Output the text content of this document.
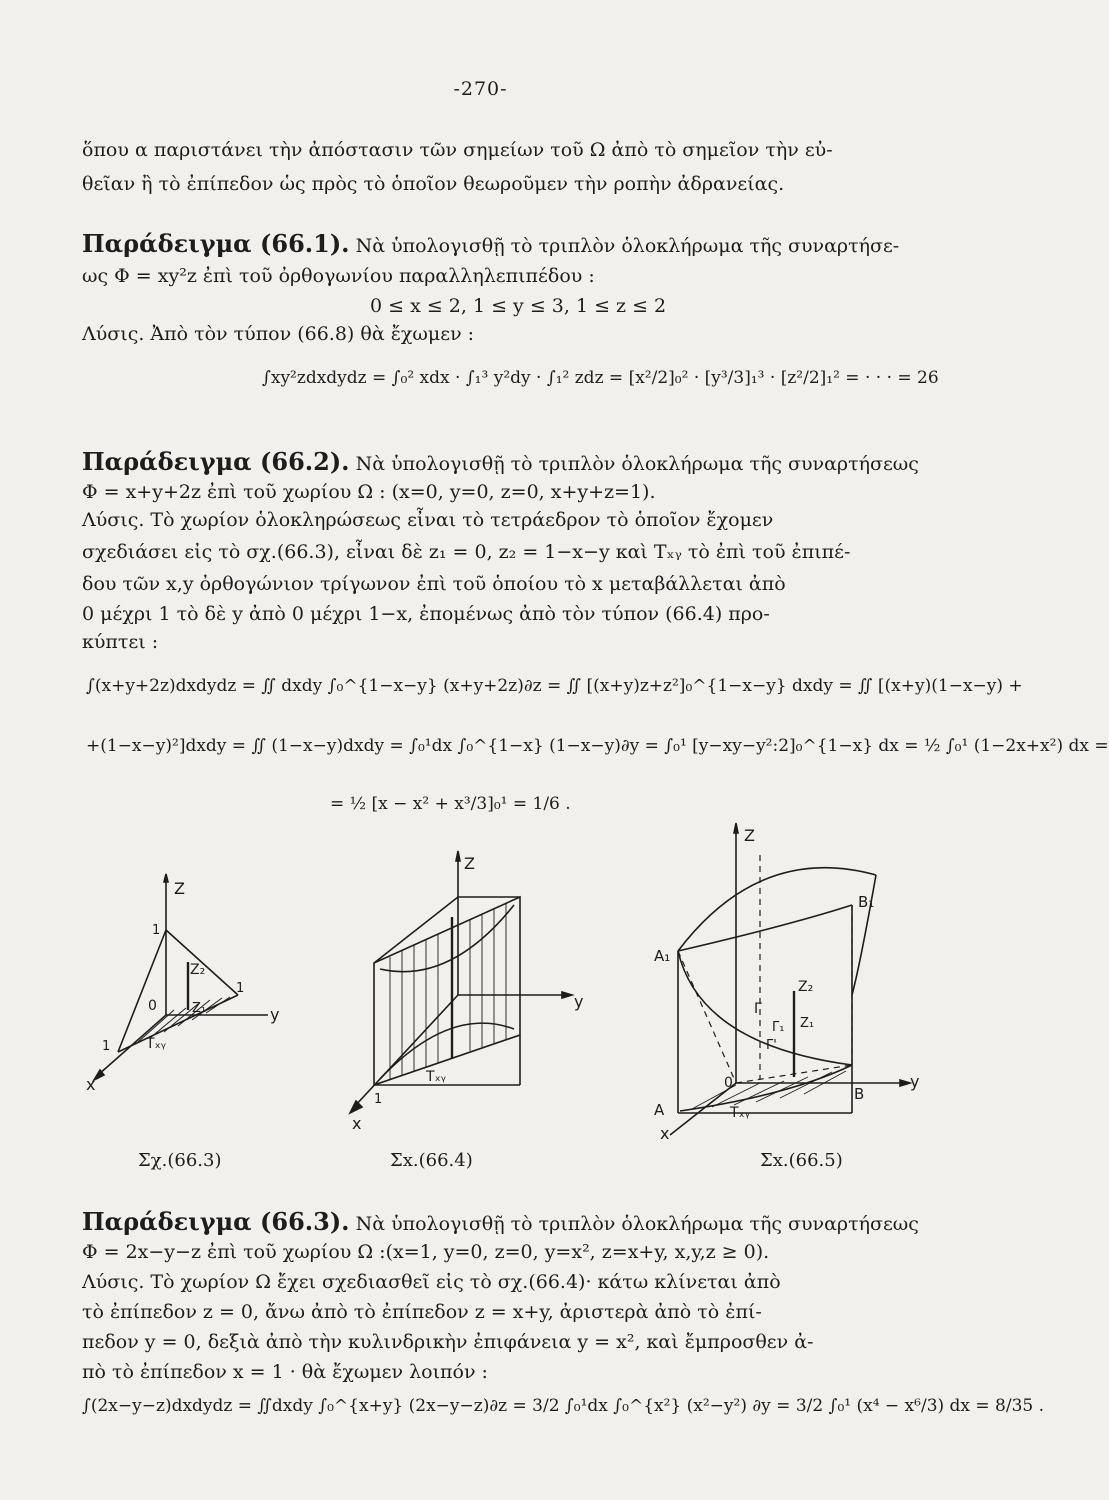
-270-
ὅπου α παριστάνει τὴν ἀπόστασιν τῶν σημείων τοῦ Ω ἀπὸ τὸ σημεῖον τὴν εὐ-
θεῖαν ἢ τὸ ἐπίπεδον ὡς πρὸς τὸ ὁποῖον θεωροῦμεν τὴν ροπὴν ἀδρανείας.
Παράδειγμα (66.1). Νὰ ὑπολογισθῇ τὸ τριπλὸν ὁλοκλήρωμα τῆς συναρτήσε-
ως Φ = xy²z ἐπὶ τοῦ ὀρθογωνίου παραλληλεπιπέδου :
0 ≤ x ≤ 2, 1 ≤ y ≤ 3, 1 ≤ z ≤ 2
Λύσις. Ἀπὸ τὸν τύπον (66.8) θὰ ἔχωμεν :
∫xy²zdxdydz = ∫₀² xdx · ∫₁³ y²dy · ∫₁² zdz = [x²/2]₀² · [y³/3]₁³ · [z²/2]₁² = · · · = 26
Παράδειγμα (66.2). Νὰ ὑπολογισθῇ τὸ τριπλὸν ὁλοκλήρωμα τῆς συναρτήσεως
Φ = x+y+2z ἐπὶ τοῦ χωρίου Ω : (x=0, y=0, z=0, x+y+z=1).
Λύσις. Τὸ χωρίον ὁλοκληρώσεως εἶναι τὸ τετράεδρον τὸ ὁποῖον ἔχομεν
σχεδιάσει εἰς τὸ σχ.(66.3), εἶναι δὲ z₁ = 0, z₂ = 1−x−y καὶ Tₓᵧ τὸ ἐπὶ τοῦ ἐπιπέ-
δου τῶν x,y ὀρθογώνιον τρίγωνον ἐπὶ τοῦ ὁποίου τὸ x μεταβάλλεται ἀπὸ
0 μέχρι 1 τὸ δὲ y ἀπὸ 0 μέχρι 1−x, ἐπομένως ἀπὸ τὸν τύπον (66.4) προ-
κύπτει :
∫(x+y+2z)dxdydz = ∬ dxdy ∫₀^{1−x−y} (x+y+2z)∂z = ∬ [(x+y)z+z²]₀^{1−x−y} dxdy = ∬ [(x+y)(1−x−y) +
+(1−x−y)²]dxdy = ∬ (1−x−y)dxdy = ∫₀¹dx ∫₀^{1−x} (1−x−y)∂y = ∫₀¹ [y−xy−y²:2]₀^{1−x} dx = ½ ∫₀¹ (1−2x+x²) dx =
= ½ [x − x² + x³/3]₀¹ = 1/6 .
Z
y
x
1
1
1
0
Z₂
Z₁
Tₓᵧ
Σχ.(66.3)
Z
y
x
1
Tₓᵧ
Σx.(66.4)
Z
y
x
A₁
B₁
A
B
0
Γ
Γ₁
Γ'
Z₂
Z₁
Tₓᵧ
Σx.(66.5)
Παράδειγμα (66.3). Νὰ ὑπολογισθῇ τὸ τριπλὸν ὁλοκλήρωμα τῆς συναρτήσεως
Φ = 2x−y−z ἐπὶ τοῦ χωρίου Ω :(x=1, y=0, z=0, y=x², z=x+y, x,y,z ≥ 0).
Λύσις. Τὸ χωρίον Ω ἔχει σχεδιασθεῖ εἰς τὸ σχ.(66.4)· κάτω κλίνεται ἀπὸ
τὸ ἐπίπεδον z = 0, ἄνω ἀπὸ τὸ ἐπίπεδον z = x+y, ἀριστερὰ ἀπὸ τὸ ἐπί-
πεδον y = 0, δεξιὰ ἀπὸ τὴν κυλινδρικὴν ἐπιφάνεια y = x², καὶ ἔμπροσθεν ἀ-
πὸ τὸ ἐπίπεδον x = 1 · θὰ ἔχωμεν λοιπόν :
∫(2x−y−z)dxdydz = ∬dxdy ∫₀^{x+y} (2x−y−z)∂z = 3/2 ∫₀¹dx ∫₀^{x²} (x²−y²) ∂y = 3/2 ∫₀¹ (x⁴ − x⁶/3) dx = 8/35 .
